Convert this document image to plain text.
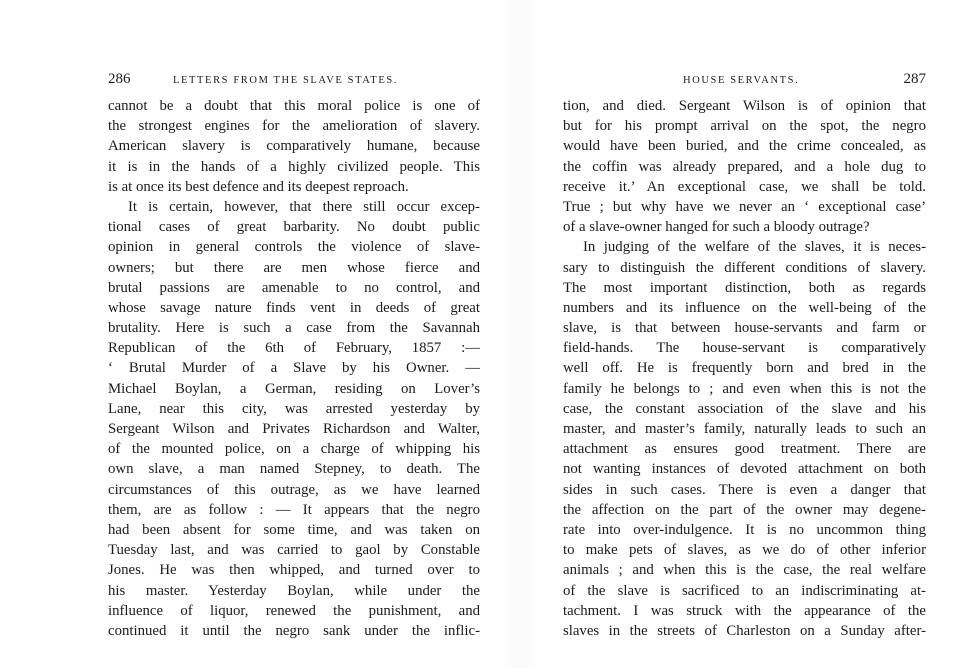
286	LETTERS FROM THE SLAVE STATES.
cannot be a doubt that this moral police is one of
the strongest engines for the amelioration of slavery.
American slavery is comparatively humane, because
it is in the hands of a highly civilized people. This
is at once its best defence and its deepest reproach.
It is certain, however, that there still occur excep-
tional cases of great barbarity. No doubt public
opinion in general controls the violence of slave-
owners; but there are men whose fierce and
brutal passions are amenable to no control, and
whose savage nature finds vent in deeds of great
brutality. Here is such a case from the Savannah
Republican of the 6th of February, 1857 :—
‘ Brutal Murder of a Slave by his Owner. —
Michael Boylan, a German, residing on Lover’s
Lane, near this city, was arrested yesterday by
Sergeant Wilson and Privates Richardson and Walter,
of the mounted police, on a charge of whipping his
own slave, a man named Stepney, to death. The
circumstances of this outrage, as we have learned
them, are as follow : — It appears that the negro
had been absent for some time, and was taken on
Tuesday last, and was carried to gaol by Constable
Jones. He was then whipped, and turned over to
his master. Yesterday Boylan, while under the
influence of liquor, renewed the punishment, and
continued it until the negro sank under the inflic-
HOUSE SERVANTS.	287
tion, and died. Sergeant Wilson is of opinion that
but for his prompt arrival on the spot, the negro
would have been buried, and the crime concealed, as
the coffin was already prepared, and a hole dug to
receive it.’ An exceptional case, we shall be told.
True ; but why have we never an ‘ exceptional case’
of a slave-owner hanged for such a bloody outrage?
In judging of the welfare of the slaves, it is neces-
sary to distinguish the different conditions of slavery.
The most important distinction, both as regards
numbers and its influence on the well-being of the
slave, is that between house-servants and farm or
field-hands. The house-servant is comparatively
well off. He is frequently born and bred in the
family he belongs to ; and even when this is not the
case, the constant association of the slave and his
master, and master’s family, naturally leads to such an
attachment as ensures good treatment. There are
not wanting instances of devoted attachment on both
sides in such cases. There is even a danger that
the affection on the part of the owner may degene-
rate into over-indulgence. It is no uncommon thing
to make pets of slaves, as we do of other inferior
animals ; and when this is the case, the real welfare
of the slave is sacrificed to an indiscriminating at-
tachment. I was struck with the appearance of the
slaves in the streets of Charleston on a Sunday after-
